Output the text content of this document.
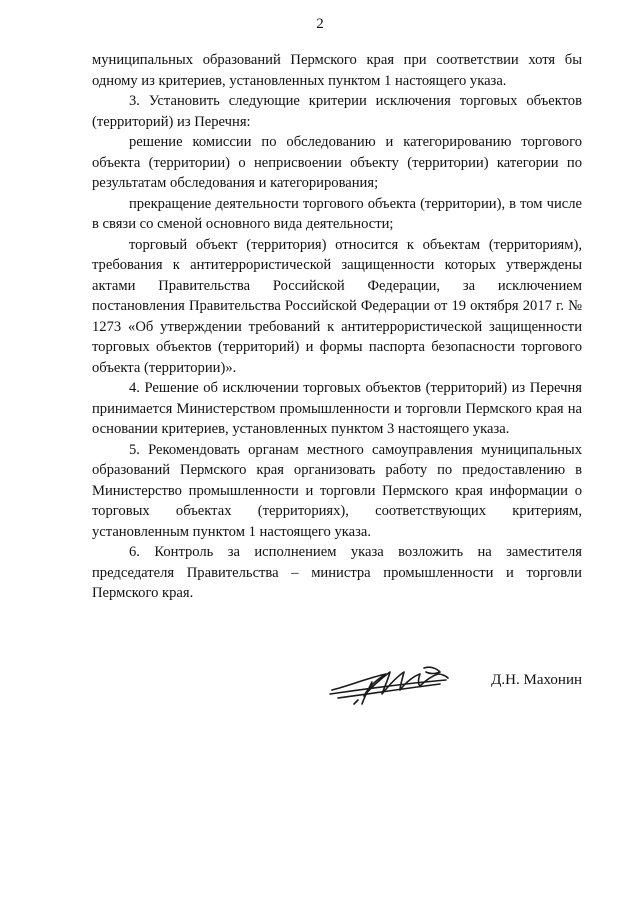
2

муниципальных образований Пермского края при соответствии хотя бы одному из критериев, установленных пунктом 1 настоящего указа.

3. Установить следующие критерии исключения торговых объектов (территорий) из Перечня:

решение комиссии по обследованию и категорированию торгового объекта (территории) о неприсвоении объекту (территории) категории по результатам обследования и категорирования;

прекращение деятельности торгового объекта (территории), в том числе в связи со сменой основного вида деятельности;

торговый объект (территория) относится к объектам (территориям), требования к антитеррористической защищенности которых утверждены актами Правительства Российской Федерации, за исключением постановления Правительства Российской Федерации от 19 октября 2017 г. № 1273 «Об утверждении требований к антитеррористической защищенности торговых объектов (территорий) и формы паспорта безопасности торгового объекта (территории)».

4. Решение об исключении торговых объектов (территорий) из Перечня принимается Министерством промышленности и торговли Пермского края на основании критериев, установленных пунктом 3 настоящего указа.

5. Рекомендовать органам местного самоуправления муниципальных образований Пермского края организовать работу по предоставлению в Министерство промышленности и торговли Пермского края информации о торговых объектах (территориях), соответствующих критериям, установленным пунктом 1 настоящего указа.

6. Контроль за исполнением указа возложить на заместителя председателя Правительства – министра промышленности и торговли Пермского края.

Д.Н. Махонин
